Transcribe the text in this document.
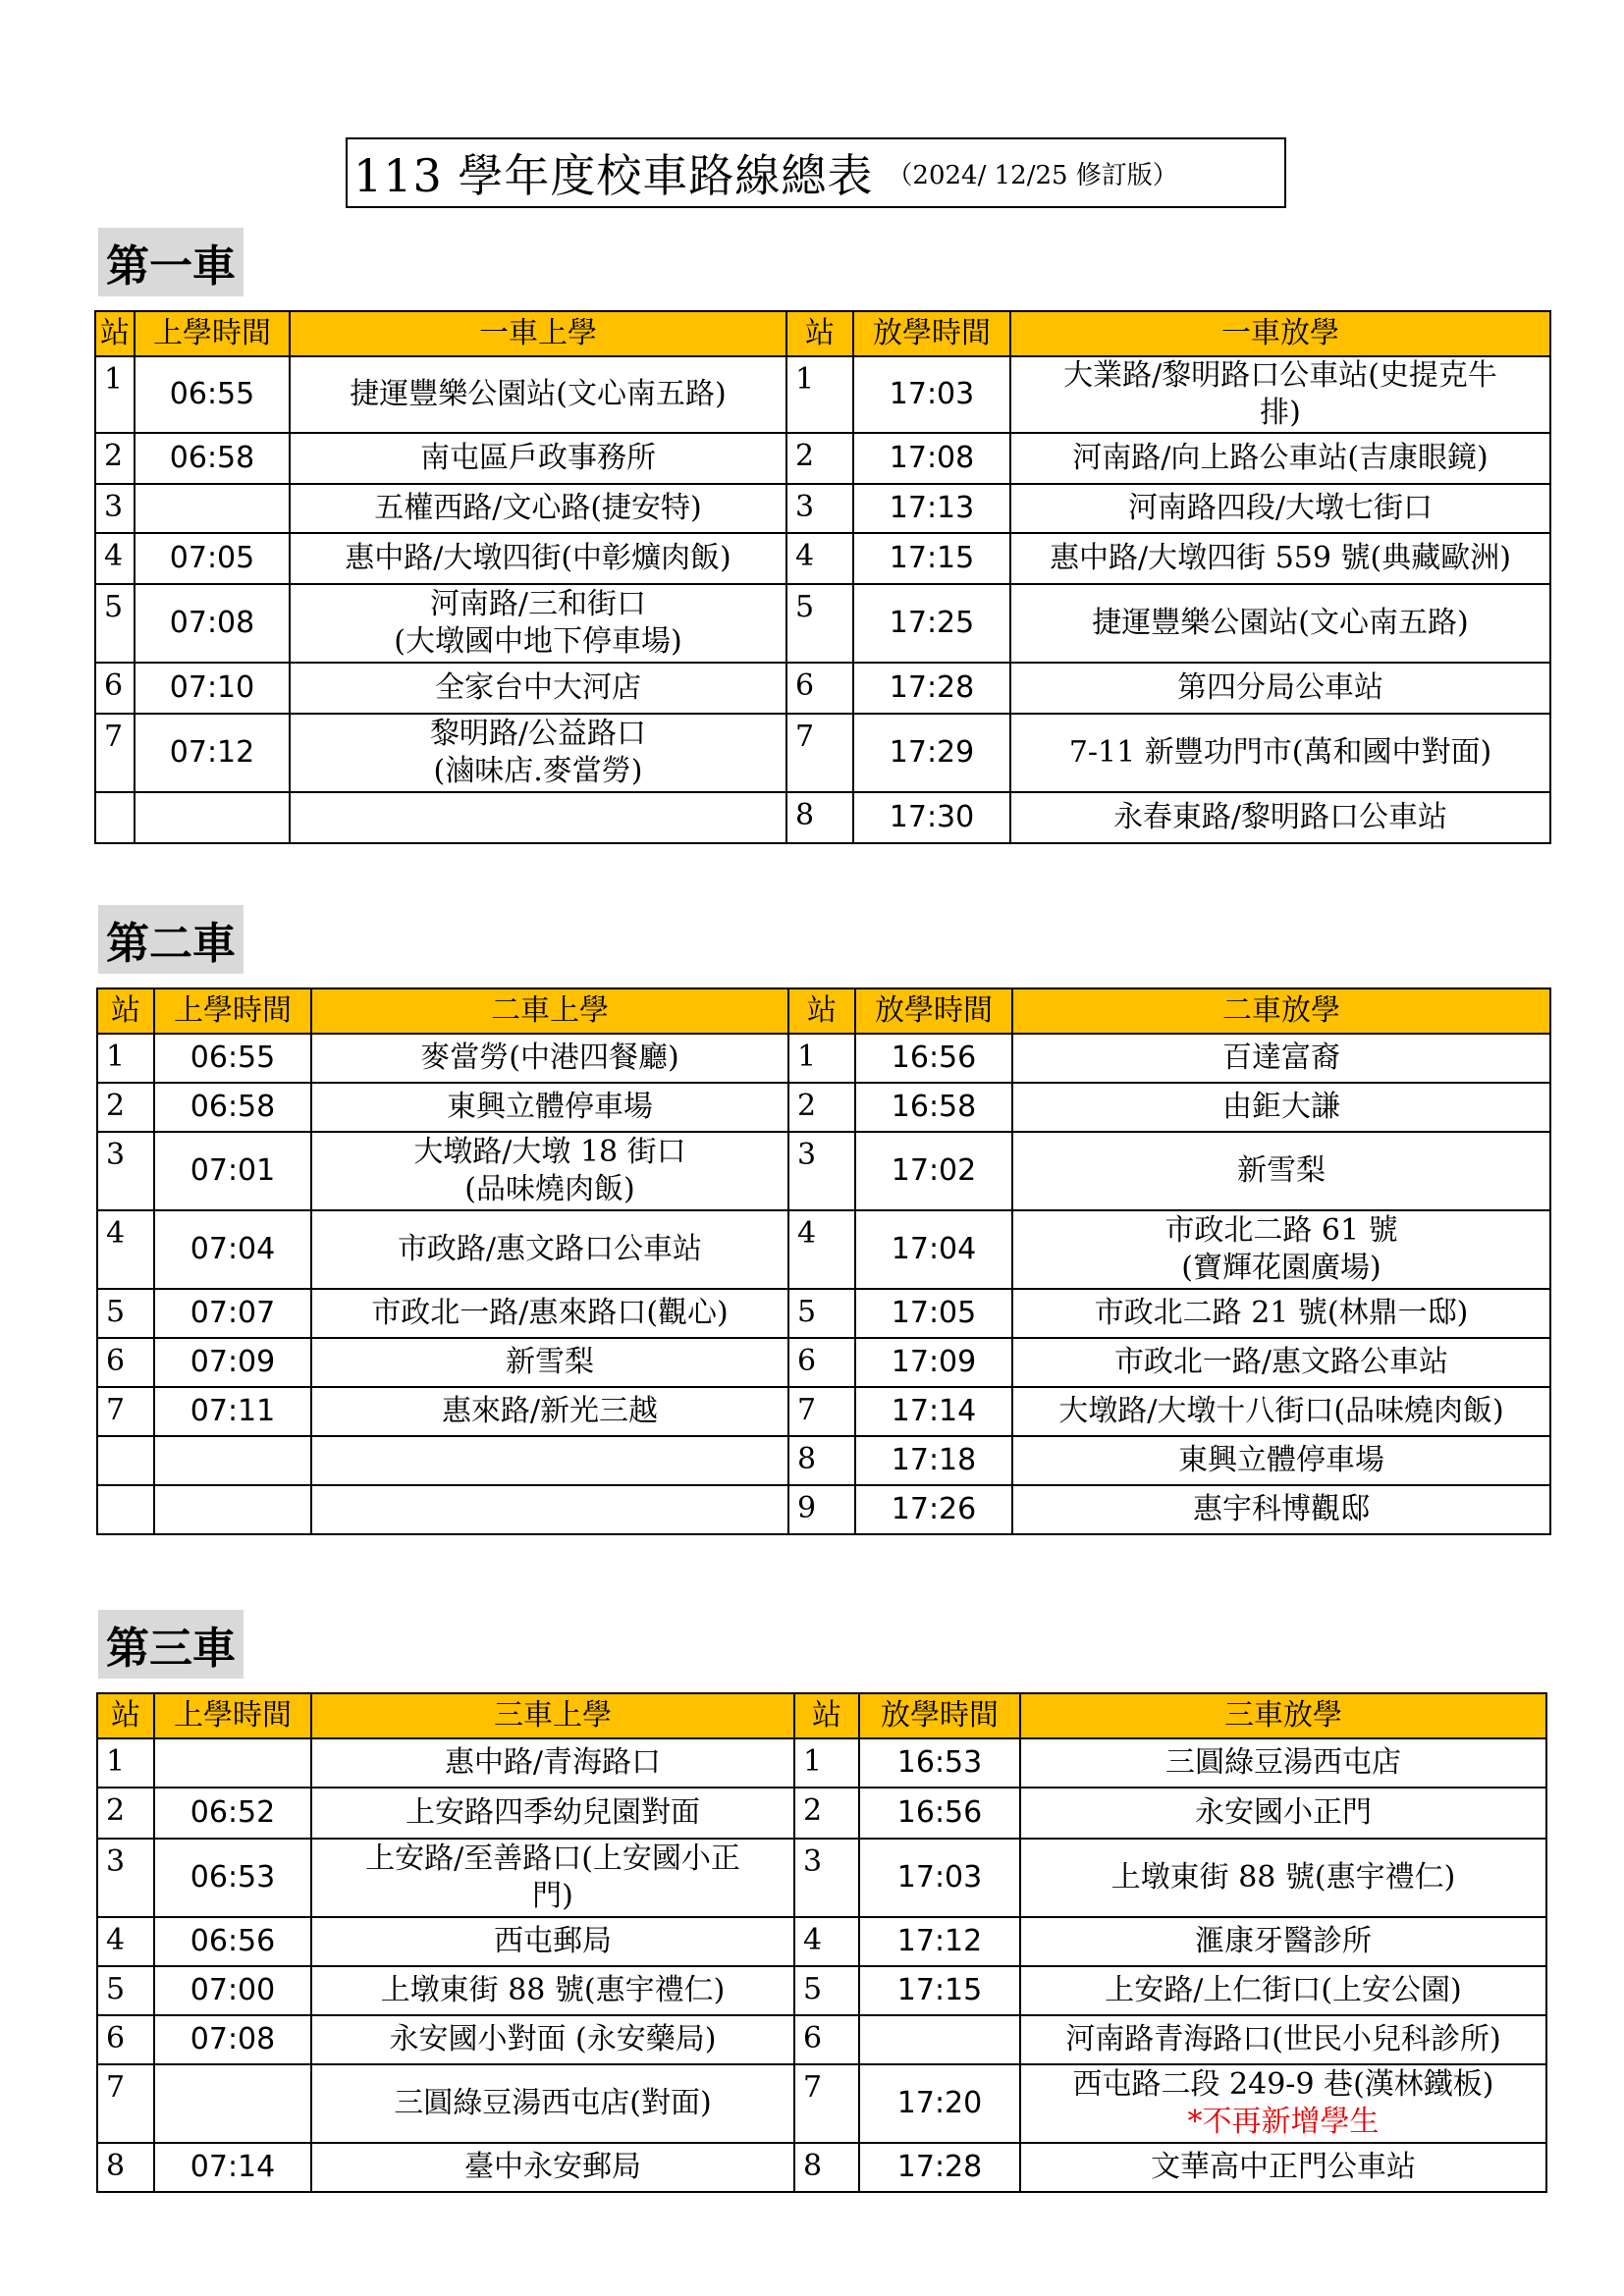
113 學年度校車路線總表 （2024/ 12/25 修訂版）
第一車
站	上學時間	一車上學	站	放學時間	一車放學
1	06:55	捷運豐樂公園站(文心南五路)	1	17:03	大業路/黎明路口公車站(史提克牛
排)

2	06:58	南屯區戶政事務所	2	17:08	河南路/向上路公車站(吉康眼鏡)

3		五權西路/文心路(捷安特)	3	17:13	河南路四段/大墩七街口

4	07:05	惠中路/大墩四街(中彰爌肉飯)	4	17:15	惠中路/大墩四街 559 號(典藏歐洲)

5	07:08	河南路/三和街口
(大墩國中地下停車場)	5	17:25	捷運豐樂公園站(文心南五路)

6	07:10	全家台中大河店	6	17:28	第四分局公車站

7	07:12	黎明路/公益路口
(滷味店.麥當勞)	7	17:29	7-11 新豐功門市(萬和國中對面)

			8	17:30	永春東路/黎明路口公車站
第二車
站	上學時間	二車上學	站	放學時間	二車放學
1	06:55	麥當勞(中港四餐廳)	1	16:56	百達富裔

2	06:58	東興立體停車場	2	16:58	由鉅大謙

3	07:01	大墩路/大墩 18 街口
(品味燒肉飯)	3	17:02	新雪梨

4	07:04	市政路/惠文路口公車站	4	17:04	市政北二路 61 號
(寶輝花園廣場)

5	07:07	市政北一路/惠來路口(觀心)	5	17:05	市政北二路 21 號(林鼎一邸)

6	07:09	新雪梨	6	17:09	市政北一路/惠文路公車站

7	07:11	惠來路/新光三越	7	17:14	大墩路/大墩十八街口(品味燒肉飯)

			8	17:18	東興立體停車場

			9	17:26	惠宇科博觀邸
第三車
站	上學時間	三車上學	站	放學時間	三車放學
1		惠中路/青海路口	1	16:53	三圓綠豆湯西屯店

2	06:52	上安路四季幼兒園對面	2	16:56	永安國小正門

3	06:53	上安路/至善路口(上安國小正
門)	3	17:03	上墩東街 88 號(惠宇禮仁)

4	06:56	西屯郵局	4	17:12	滙康牙醫診所

5	07:00	上墩東街 88 號(惠宇禮仁)	5	17:15	上安路/上仁街口(上安公園)

6	07:08	永安國小對面 (永安藥局)	6		河南路青海路口(世民小兒科診所)

7		三圓綠豆湯西屯店(對面)	7	17:20	西屯路二段 249-9 巷(漢林鐵板)
*不再新增學生

8	07:14	臺中永安郵局	8	17:28	文華高中正門公車站
